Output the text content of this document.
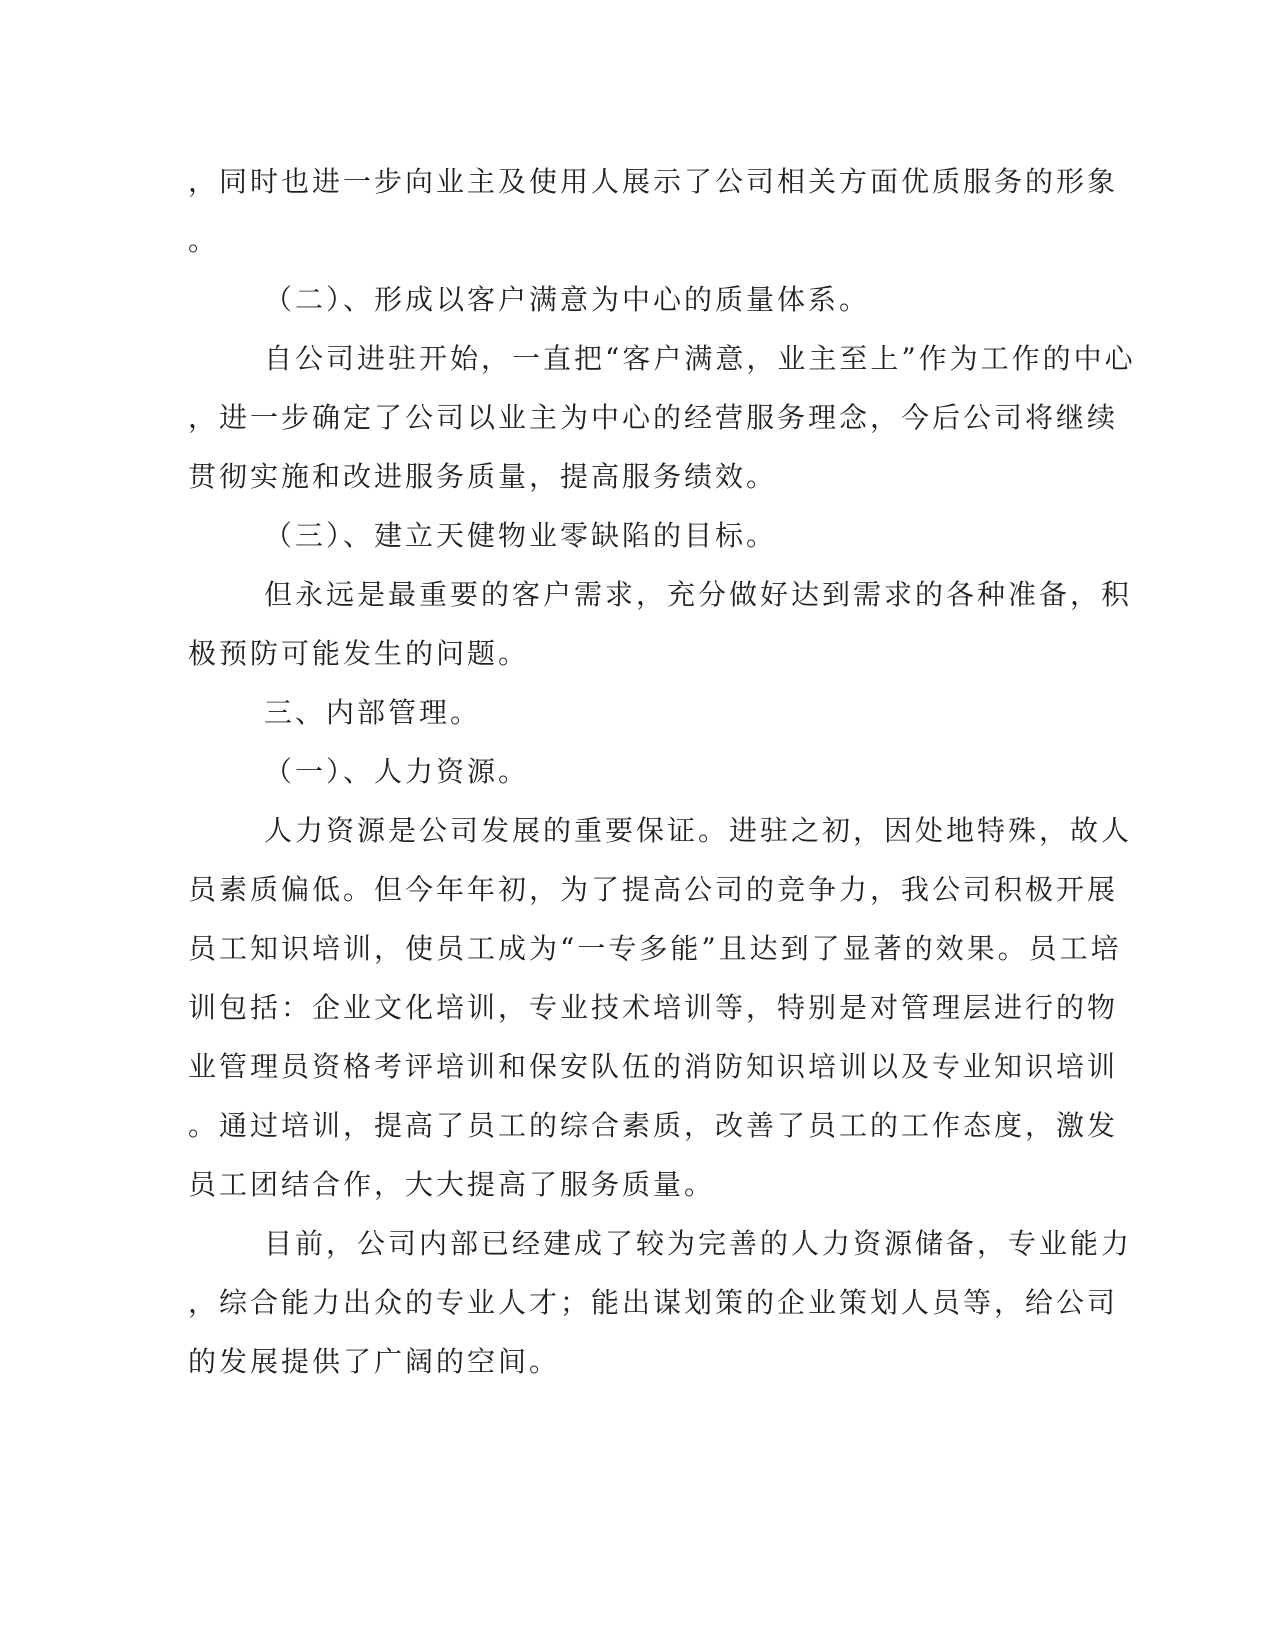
，同时也进一步向业主及使用人展示了公司相关方面优质服务的形象
。
（二）、形成以客户满意为中心的质量体系。
自公司进驻开始，一直把“客户满意，业主至上”作为工作的中心
，进一步确定了公司以业主为中心的经营服务理念，今后公司将继续
贯彻实施和改进服务质量，提高服务绩效。
（三）、建立天健物业零缺陷的目标。
但永远是最重要的客户需求，充分做好达到需求的各种准备，积
极预防可能发生的问题。
三、内部管理。
（一）、人力资源。
人力资源是公司发展的重要保证。进驻之初，因处地特殊，故人
员素质偏低。但今年年初，为了提高公司的竞争力，我公司积极开展
员工知识培训，使员工成为“一专多能”且达到了显著的效果。员工培
训包括：企业文化培训，专业技术培训等，特别是对管理层进行的物
业管理员资格考评培训和保安队伍的消防知识培训以及专业知识培训
。通过培训，提高了员工的综合素质，改善了员工的工作态度，激发
员工团结合作，大大提高了服务质量。
目前，公司内部已经建成了较为完善的人力资源储备，专业能力
，综合能力出众的专业人才；能出谋划策的企业策划人员等，给公司
的发展提供了广阔的空间。
